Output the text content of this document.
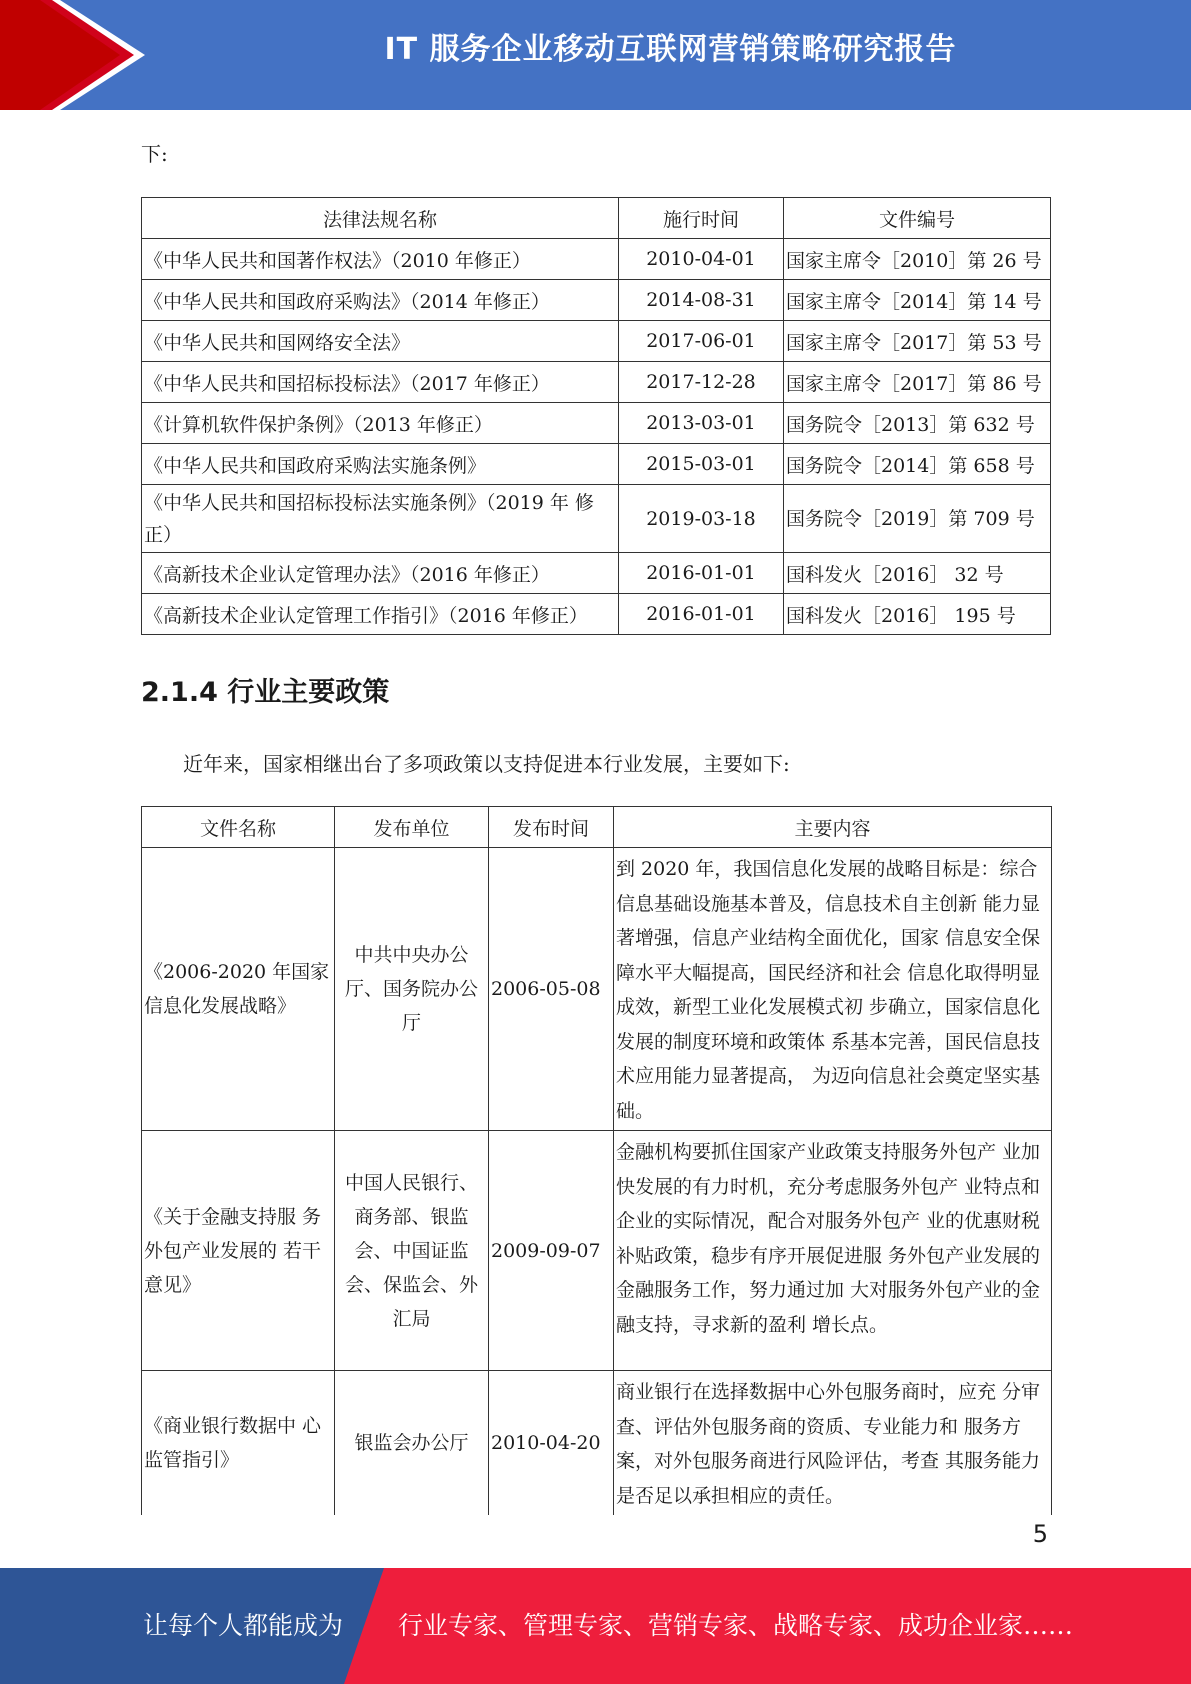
IT 服务企业移动互联网营销策略研究报告
下:
法律法规名称	施行时间	文件编号
《中华人民共和国著作权法》（2010 年修正）	2010-04-01	国家主席令［2010］第 26 号
《中华人民共和国政府采购法》（2014 年修正）	2014-08-31	国家主席令［2014］第 14 号
《中华人民共和国网络安全法》	2017-06-01	国家主席令［2017］第 53 号
《中华人民共和国招标投标法》（2017 年修正）	2017-12-28	国家主席令［2017］第 86 号
《计算机软件保护条例》（2013 年修正）	2013-03-01	国务院令［2013］第 632 号
《中华人民共和国政府采购法实施条例》	2015-03-01	国务院令［2014］第 658 号
《中华人民共和国招标投标法实施条例》（2019 年 修正）	2019-03-18	国务院令［2019］第 709 号
《高新技术企业认定管理办法》（2016 年修正）	2016-01-01	国科发火［2016］ 32 号
《高新技术企业认定管理工作指引》（2016 年修正）	2016-01-01	国科发火［2016］ 195 号
2.1.4 行业主要政策
近年来，国家相继出台了多项政策以支持促进本行业发展，主要如下:
文件名称	发布单位	发布时间	主要内容
《2006-2020 年国家信息化发展战略》	中共中央办公厅、国务院办公厅	2006-05-08	到 2020 年，我国信息化发展的战略目标是：综合信息基础设施基本普及，信息技术自主创新 能力显著增强，信息产业结构全面优化，国家 信息安全保障水平大幅提高，国民经济和社会 信息化取得明显成效，新型工业化发展模式初 步确立，国家信息化发展的制度环境和政策体 系基本完善，国民信息技术应用能力显著提高， 为迈向信息社会奠定坚实基础。
《关于金融支持服 务外包产业发展的 若干意见》	中国人民银行、商务部、银监会、中国证监会、保监会、外汇局	2009-09-07	金融机构要抓住国家产业政策支持服务外包产 业加快发展的有力时机，充分考虑服务外包产 业特点和企业的实际情况，配合对服务外包产 业的优惠财税补贴政策，稳步有序开展促进服 务外包产业发展的金融服务工作，努力通过加 大对服务外包产业的金融支持，寻求新的盈利 增长点。
《商业银行数据中 心监管指引》	银监会办公厅	2010-04-20	商业银行在选择数据中心外包服务商时，应充 分审查、评估外包服务商的资质、专业能力和 服务方案，对外包服务商进行风险评估，考查 其服务能力是否足以承担相应的责任。
5
让每个人都能成为 行业专家、管理专家、营销专家、战略专家、成功企业家……
